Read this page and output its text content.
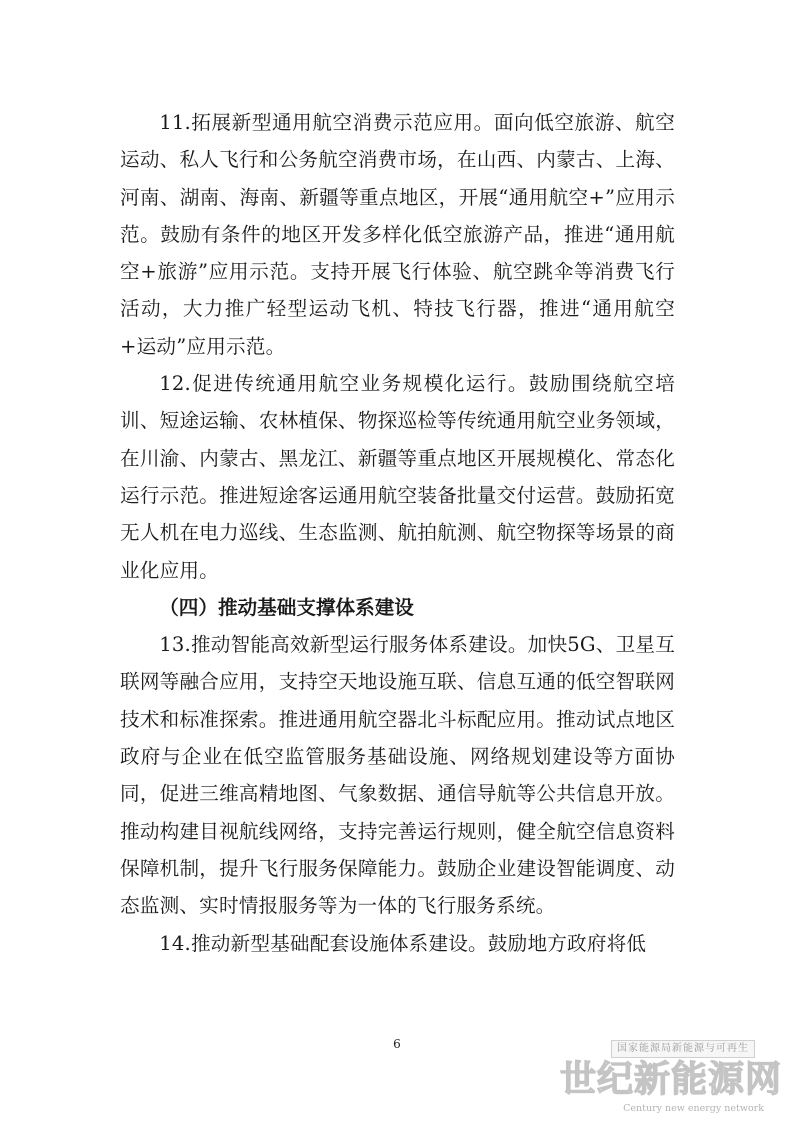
11.拓展新型通用航空消费示范应用。面向低空旅游、航空运动、私人飞行和公务航空消费市场，在山西、内蒙古、上海、河南、湖南、海南、新疆等重点地区，开展“通用航空+”应用示范。鼓励有条件的地区开发多样化低空旅游产品，推进“通用航空+旅游”应用示范。支持开展飞行体验、航空跳伞等消费飞行活动，大力推广轻型运动飞机、特技飞行器，推进“通用航空+运动”应用示范。

12.促进传统通用航空业务规模化运行。鼓励围绕航空培训、短途运输、农林植保、物探巡检等传统通用航空业务领域，在川渝、内蒙古、黑龙江、新疆等重点地区开展规模化、常态化运行示范。推进短途客运通用航空装备批量交付运营。鼓励拓宽无人机在电力巡线、生态监测、航拍航测、航空物探等场景的商业化应用。

（四）推动基础支撑体系建设

13.推动智能高效新型运行服务体系建设。加快5G、卫星互联网等融合应用，支持空天地设施互联、信息互通的低空智联网技术和标准探索。推进通用航空器北斗标配应用。推动试点地区政府与企业在低空监管服务基础设施、网络规划建设等方面协同，促进三维高精地图、气象数据、通信导航等公共信息开放。推动构建目视航线网络，支持完善运行规则，健全航空信息资料保障机制，提升飞行服务保障能力。鼓励企业建设智能调度、动态监测、实时情报服务等为一体的飞行服务系统。

14.推动新型基础配套设施体系建设。鼓励地方政府将低

6	国家能源局新能源与可再生
世纪新能源网
Century new energy network
